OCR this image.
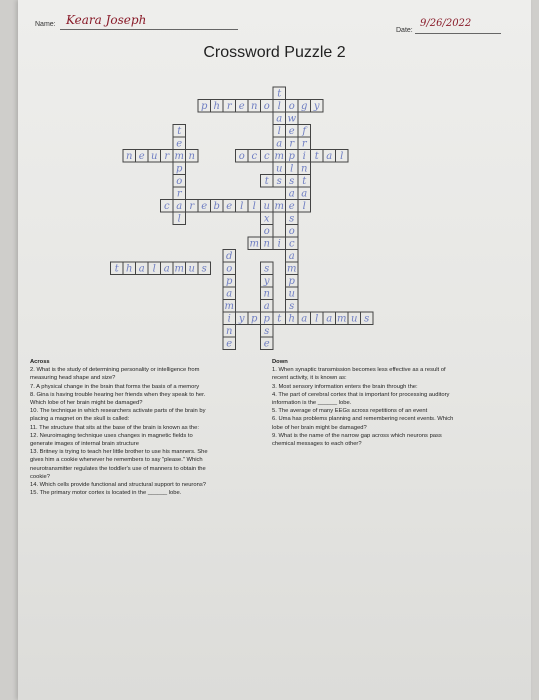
Name: Keara Joseph
Date:
9/26/2022
Crossword Puzzle 2
p h r e n o l o g y
t
a
l
a
m
u
s
t
e
m
p
o
r
a
l
o c c p i t a l
f
r
n
t
a
l
t s
c r e b e l l u m
l
a
w
e
r
e
s
x
o
n
d
o
p
a
m
i
n
e
m i
o
c
a
m
p
u
s
s
y
n
a
p
s
e
y p t h a l a m u s
n e u r n
t h a l a m u s
Across
2. What is the study of determining personality or intelligence from
measuring head shape and size?
7. A physical change in the brain that forms the basis of a memory
8. Gina is having trouble hearing her friends when they speak to her.
Which lobe of her brain might be damaged?
10. The technique in which researchers activate parts of the brain by
placing a magnet on the skull is called:
11. The structure that sits at the base of the brain is known as the:
12. Neuroimaging technique uses changes in magnetic fields to
generate images of internal brain structure
13. Britney is trying to teach her little brother to use his manners. She
gives him a cookie whenever he remembers to say "please." Which
neurotransmitter regulates the toddler's use of manners to obtain the
cookie?
14. Which cells provide functional and structural support to neurons?
15. The primary motor cortex is located in the ______ lobe.
Down
1. When synaptic transmission becomes less effective as a result of
recent activity, it is known as:
3. Most sensory information enters the brain through the:
4. The part of cerebral cortex that is important for processing auditory
information is the ______ lobe.
5. The average of many EEGs across repetitions of an event
6. Uma has problems planning and remembering recent events. Which
lobe of her brain might be damaged?
9. What is the name of the narrow gap across which neurons pass
chemical messages to each other?
